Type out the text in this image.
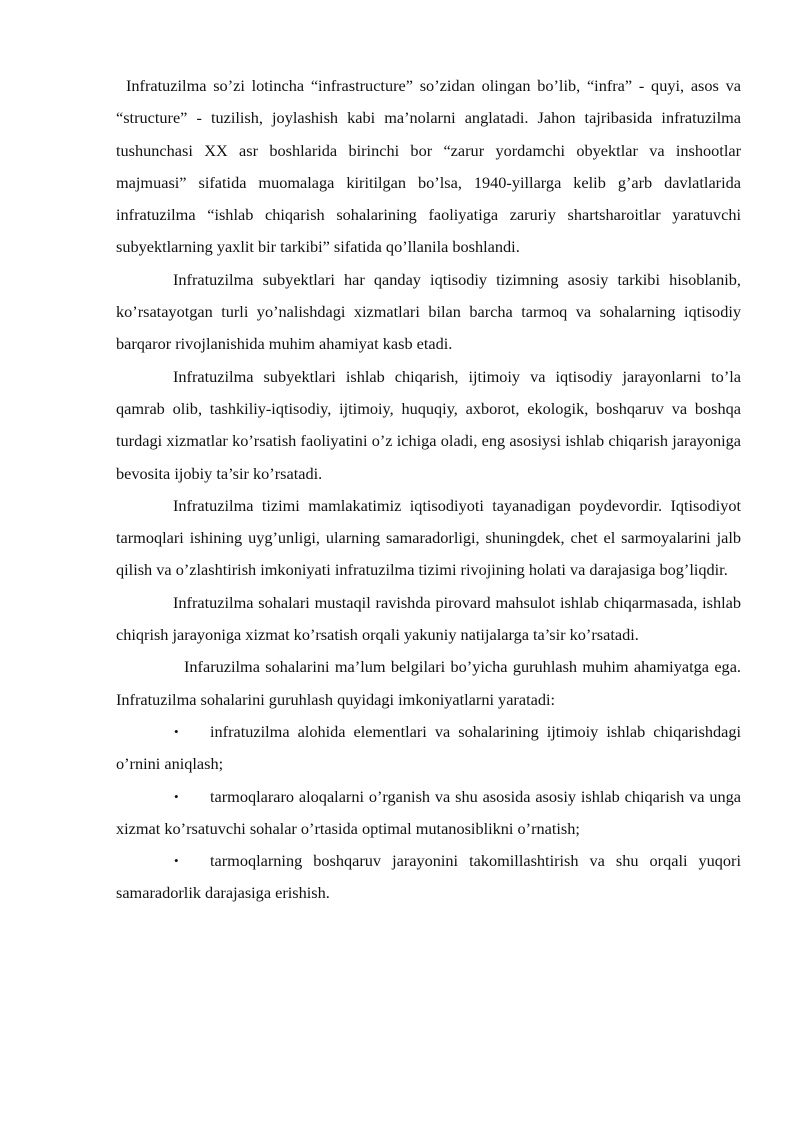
Infratuzilma so’zi lotincha “infrastructure” so’zidan olingan bo’lib, “infra” - quyi, asos va “structure” - tuzilish, joylashish kabi ma’nolarni anglatadi. Jahon tajribasida infratuzilma tushunchasi XX asr boshlarida birinchi bor “zarur yordamchi obyektlar va inshootlar majmuasi” sifatida muomalaga kiritilgan bo’lsa, 1940-yillarga kelib g’arb davlatlarida infratuzilma “ishlab chiqarish sohalarining faoliyatiga zaruriy shartsharoitlar yaratuvchi subyektlarning yaxlit bir tarkibi” sifatida qo’llanila boshlandi.

Infratuzilma subyektlari har qanday iqtisodiy tizimning asosiy tarkibi hisoblanib, ko’rsatayotgan turli yo’nalishdagi xizmatlari bilan barcha tarmoq va sohalarning iqtisodiy barqaror rivojlanishida muhim ahamiyat kasb etadi.

Infratuzilma subyektlari ishlab chiqarish, ijtimoiy va iqtisodiy jarayonlarni to’la qamrab olib, tashkiliy-iqtisodiy, ijtimoiy, huquqiy, axborot, ekologik, boshqaruv va boshqa turdagi xizmatlar ko’rsatish faoliyatini o’z ichiga oladi, eng asosiysi ishlab chiqarish jarayoniga bevosita ijobiy ta’sir ko’rsatadi.

Infratuzilma tizimi mamlakatimiz iqtisodiyoti tayanadigan poydevordir. Iqtisodiyot tarmoqlari ishining uyg’unligi, ularning samaradorligi, shuningdek, chet el sarmoyalarini jalb qilish va o’zlashtirish imkoniyati infratuzilma tizimi rivojining holati va darajasiga bog’liqdir.

Infratuzilma sohalari mustaqil ravishda pirovard mahsulot ishlab chiqarmasada, ishlab chiqrish jarayoniga xizmat ko’rsatish orqali yakuniy natijalarga ta’sir ko’rsatadi.

Infaruzilma sohalarini ma’lum belgilari bo’yicha guruhlash muhim ahamiyatga ega. Infratuzilma sohalarini guruhlash quyidagi imkoniyatlarni yaratadi:

• infratuzilma alohida elementlari va sohalarining ijtimoiy ishlab chiqarishdagi o’rnini aniqlash;

• tarmoqlararo aloqalarni o’rganish va shu asosida asosiy ishlab chiqarish va unga xizmat ko’rsatuvchi sohalar o’rtasida optimal mutanosiblikni o’rnatish;

• tarmoqlarning boshqaruv jarayonini takomillashtirish va shu orqali yuqori samaradorlik darajasiga erishish.
